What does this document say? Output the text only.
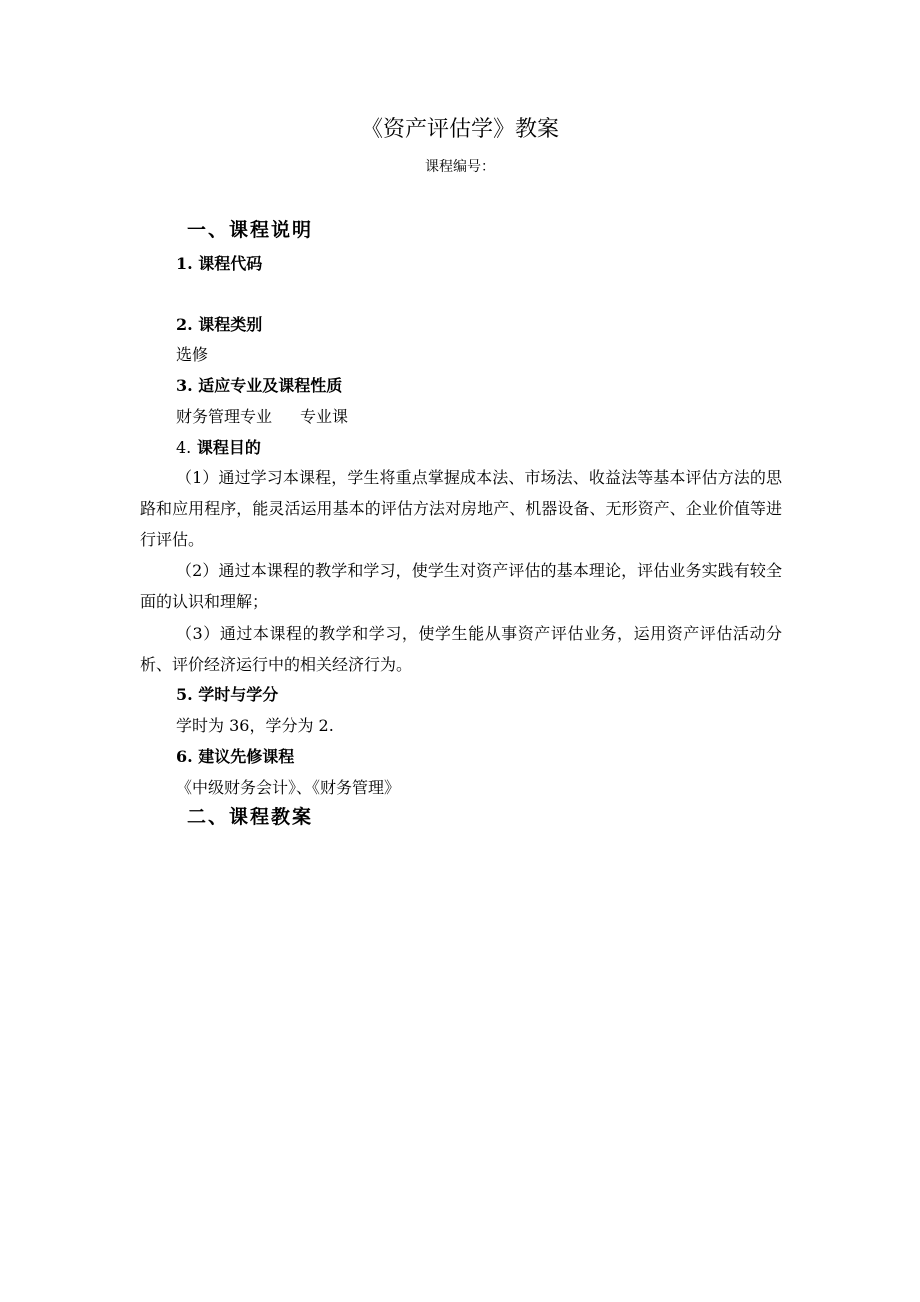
《资产评估学》教案
课程编号：
一、课程说明
1. 课程代码
2. 课程类别
选修
3. 适应专业及课程性质
财务管理专业 专业课
4. 课程目的
（1）通过学习本课程，学生将重点掌握成本法、市场法、收益法等基本评估方法的思路和应用程序，能灵活运用基本的评估方法对房地产、机器设备、无形资产、企业价值等进行评估。
（2）通过本课程的教学和学习，使学生对资产评估的基本理论，评估业务实践有较全面的认识和理解；
（3）通过本课程的教学和学习，使学生能从事资产评估业务，运用资产评估活动分析、评价经济运行中的相关经济行为。
5. 学时与学分
学时为 36，学分为 2.
6. 建议先修课程
《中级财务会计》、《财务管理》
二、课程教案
